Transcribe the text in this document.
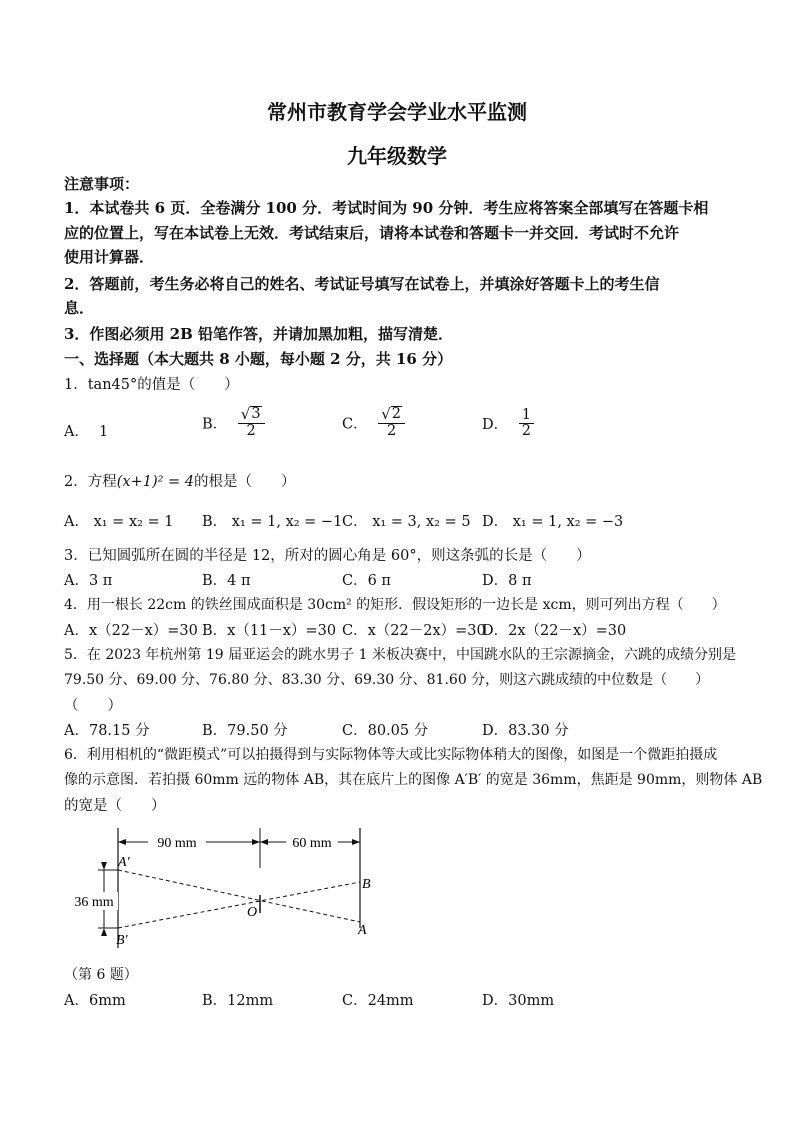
常州市教育学会学业水平监测
九年级数学
注意事项：
1．本试卷共 6 页．全卷满分 100 分．考试时间为 90 分钟．考生应将答案全部填写在答题卡相
应的位置上，写在本试卷上无效．考试结束后，请将本试卷和答题卡一并交回．考试时不允许
使用计算器．
2．答题前，考生务必将自己的姓名、考试证号填写在试卷上，并填涂好答题卡上的考生信
息．
3．作图必须用 2B 铅笔作答，并请加黑加粗，描写清楚．
一、选择题（本大题共 8 小题，每小题 2 分，共 16 分）
1．tan45°的值是（　　）
A． 1	B． $\frac{√ 3}{2}$	C． $\frac{√ 2}{2}$	D． $\frac{1}{2}$
2．方程(x+1)² = 4的根是（　　）
A． x₁ = x₂ = 1 B． x₁ = 1, x₂ = −1 C． x₁ = 3, x₂ = 5 D． x₁ = 1, x₂ = −3
3．已知圆弧所在圆的半径是 12，所对的圆心角是 60°，则这条弧的长是（　　）
A．3 π	B．4 π	C．6 π	D．8 π
4．用一根长 22cm 的铁丝围成面积是 30cm² 的矩形．假设矩形的一边长是 xcm，则可列出方程（　　）
A．x（22－x）=30 B．x（11－x）=30 C．x（22－2x）=30
D．2x（22－x）=30
5．在 2023 年杭州第 19 届亚运会的跳水男子 1 米板决赛中，中国跳水队的王宗源摘金，六跳的成绩分别是
79.50 分、69.00 分、76.80 分、83.30 分、69.30 分、81.60 分，则这六跳成绩的中位数是（　　）
（　　）
A．78.15 分	B．79.50 分	C．80.05 分	D．83.30 分
6．利用相机的“微距模式”可以拍摄得到与实际物体等大或比实际物体稍大的图像，如图是一个微距拍摄成
像的示意图．若拍摄 60mm 远的物体 AB，其在底片上的图像 A′B′ 的宽是 36mm，焦距是 90mm，则物体 AB
的宽是（　　）
90 mm	60 mm
36 mm
A′
B′
B
A
O
（第 6 题）
A．6mm	B．12mm	C．24mm	D．30mm
